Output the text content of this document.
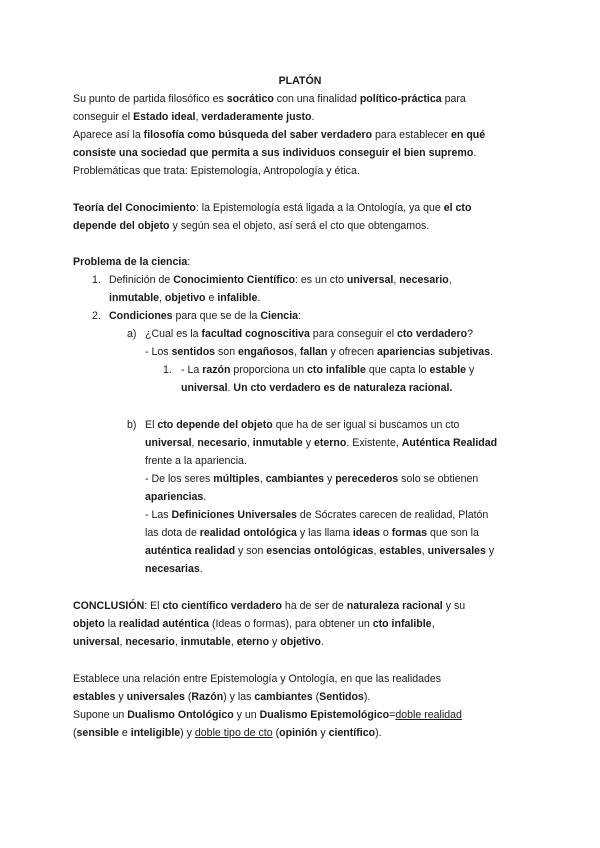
PLATÓN
Su punto de partida filosófico es socrático con una finalidad político-práctica para
conseguir el Estado ideal, verdaderamente justo.
Aparece así la filosofía como búsqueda del saber verdadero para establecer en qué
consiste una sociedad que permita a sus individuos conseguir el bien supremo.
Problemáticas que trata: Epistemología, Antropología y ética.
Teoría del Conocimiento: la Epistemología está ligada a la Ontología, ya que el cto
depende del objeto y según sea el objeto, así será el cto que obtengamos.
Problema de la ciencia:
1. Definición de Conocimiento Científico: es un cto universal, necesario,
inmutable, objetivo e infalible.
2. Condiciones para que se de la Ciencia:
a) ¿Cual es la facultad cognoscitiva para conseguir el cto verdadero?
- Los sentidos son engañosos, fallan y ofrecen apariencias subjetivas.
1. - La razón proporciona un cto infalible que capta lo estable y
universal. Un cto verdadero es de naturaleza racional.
b) El cto depende del objeto que ha de ser igual si buscamos un cto
universal, necesario, inmutable y eterno. Existente, Auténtica Realidad
frente a la apariencia.
- De los seres múltiples, cambiantes y perecederos solo se obtienen
apariencias.
- Las Definiciones Universales de Sócrates carecen de realidad, Platón
las dota de realidad ontológica y las llama ideas o formas que son la
auténtica realidad y son esencias ontológicas, estables, universales y
necesarias.
CONCLUSIÓN: El cto científico verdadero ha de ser de naturaleza racional y su
objeto la realidad auténtica (Ideas o formas), para obtener un cto infalible,
universal, necesario, inmutable, eterno y objetivo.
Establece una relación entre Epistemología y Ontología, en que las realidades
estables y universales (Razón) y las cambiantes (Sentidos).
Supone un Dualismo Ontológico y un Dualismo Epistemológico=doble realidad
(sensible e inteligible) y doble tipo de cto (opinión y científico).
